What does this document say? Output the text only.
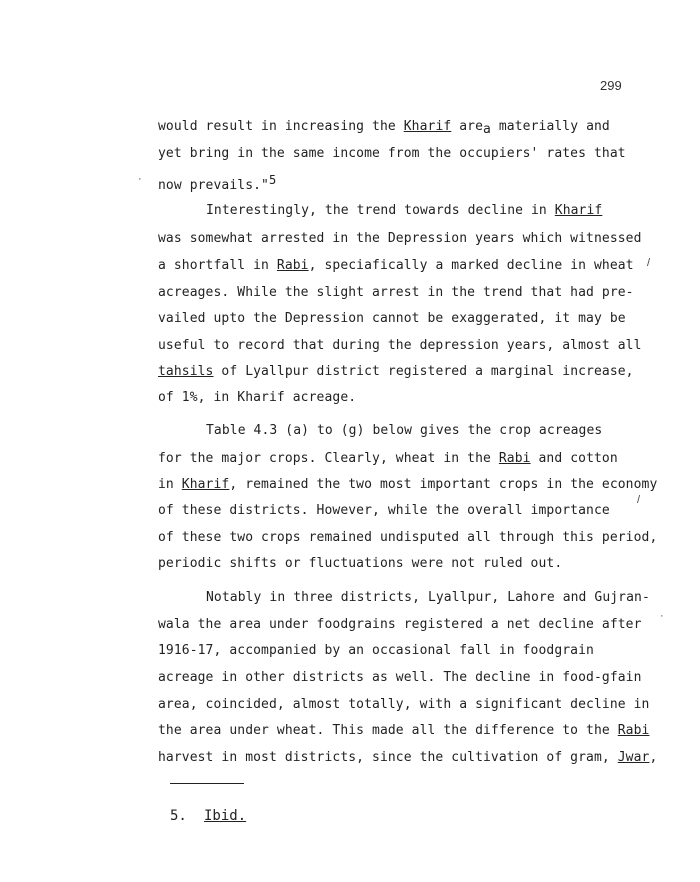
299
would result in increasing the Kharif area materially and
yet bring in the same income from the occupiers' rates that
now prevails."$^5$
Interestingly, the trend towards decline in Kharif
was somewhat arrested in the Depression years which witnessed
a shortfall in Rabi, speciafically a marked decline in wheat
acreages. While the slight arrest in the trend that had pre-
vailed upto the Depression cannot be exaggerated, it may be
useful to record that during the depression years, almost all
tahsils of Lyallpur district registered a marginal increase,
of 1%, in Kharif acreage.
Table 4.3 (a) to (g) below gives the crop acreages
for the major crops. Clearly, wheat in the Rabi and cotton
in Kharif, remained the two most important crops in the economy
of these districts. However, while the overall importance
of these two crops remained undisputed all through this period,
periodic shifts or fluctuations were not ruled out.
Notably in three districts, Lyallpur, Lahore and Gujran-
wala the area under foodgrains registered a net decline after
1916-17, accompanied by an occasional fall in foodgrain
acreage in other districts as well. The decline in food-gfain
area, coincided, almost totally, with a significant decline in
the area under wheat. This made all the difference to the Rabi
harvest in most districts, since the cultivation of gram, Jwar,
5. Ibid.
·
/
/
·
